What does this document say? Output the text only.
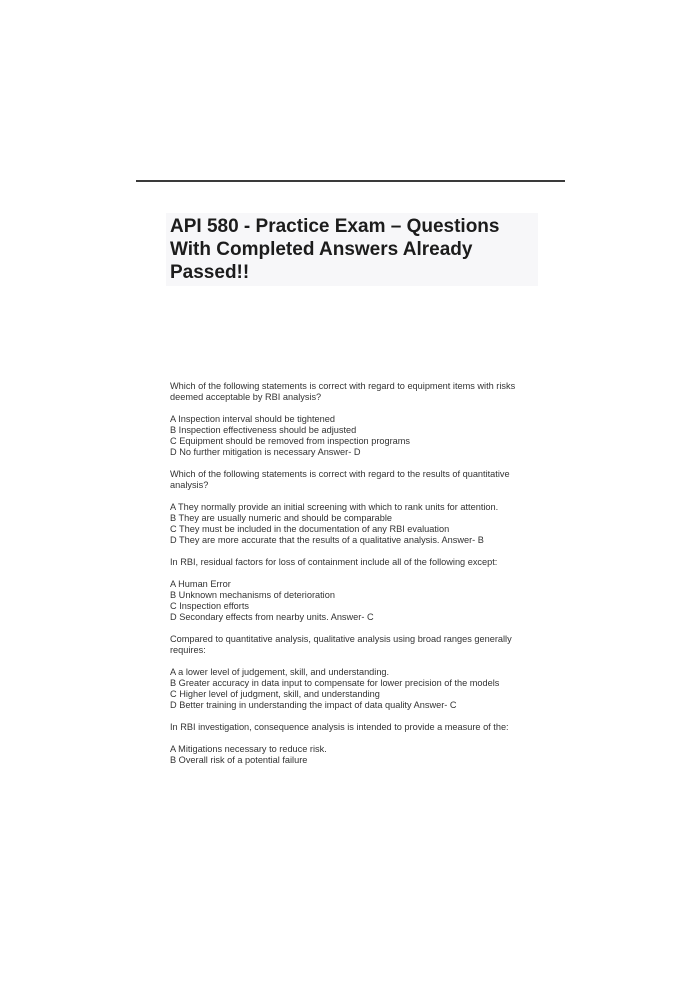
API 580 - Practice Exam – Questions
With Completed Answers Already
Passed!!
Which of the following statements is correct with regard to equipment items with risks
deemed acceptable by RBI analysis?
A Inspection interval should be tightened
B Inspection effectiveness should be adjusted
C Equipment should be removed from inspection programs
D No further mitigation is necessary Answer- D
Which of the following statements is correct with regard to the results of quantitative
analysis?
A They normally provide an initial screening with which to rank units for attention.
B They are usually numeric and should be comparable
C They must be included in the documentation of any RBI evaluation
D They are more accurate that the results of a qualitative analysis. Answer- B
In RBI, residual factors for loss of containment include all of the following except:
A Human Error
B Unknown mechanisms of deterioration
C Inspection efforts
D Secondary effects from nearby units. Answer- C
Compared to quantitative analysis, qualitative analysis using broad ranges generally
requires:
A a lower level of judgement, skill, and understanding.
B Greater accuracy in data input to compensate for lower precision of the models
C Higher level of judgment, skill, and understanding
D Better training in understanding the impact of data quality Answer- C
In RBI investigation, consequence analysis is intended to provide a measure of the:
A Mitigations necessary to reduce risk.
B Overall risk of a potential failure
